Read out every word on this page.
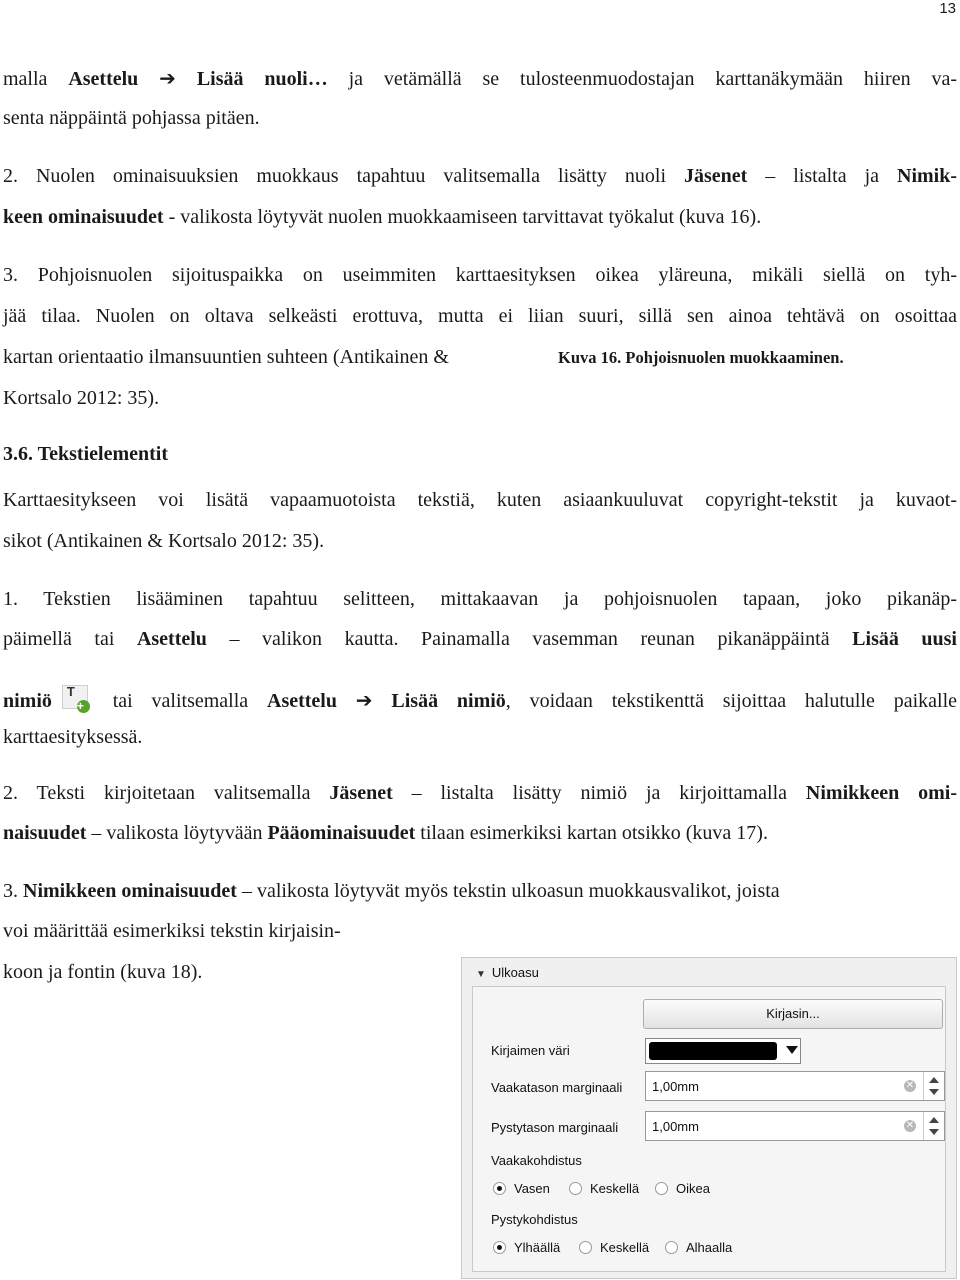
13
malla Asettelu ➔ Lisää nuoli… ja vetämällä se tulosteenmuodostajan karttanäkymään hiiren va-
senta näppäintä pohjassa pitäen.
2. Nuolen ominaisuuksien muokkaus tapahtuu valitsemalla lisätty nuoli Jäsenet – listalta ja Nimik-
keen ominaisuudet - valikosta löytyvät nuolen muokkaamiseen tarvittavat työkalut (kuva 16).
3. Pohjoisnuolen sijoituspaikka on useimmiten karttaesityksen oikea yläreuna, mikäli siellä on tyh-
jää tilaa. Nuolen on oltava selkeästi erottuva, mutta ei liian suuri, sillä sen ainoa tehtävä on osoittaa
kartan orientaatio ilmansuuntien suhteen (Antikainen &
Kortsalo 2012: 35).
Kuva 16. Pohjoisnuolen muokkaaminen.
3.6. Tekstielementit
Karttaesitykseen voi lisätä vapaamuotoista tekstiä, kuten asiaankuuluvat copyright-tekstit ja kuvaot-
sikot (Antikainen & Kortsalo 2012: 35).
1. Tekstien lisääminen tapahtuu selitteen, mittakaavan ja pohjoisnuolen tapaan, joko pikanäp-
päimellä tai Asettelu – valikon kautta. Painamalla vasemman reunan pikanäppäintä Lisää uusi
nimiö T
+ tai valitsemalla Asettelu ➔ Lisää nimiö, voidaan tekstikenttä sijoittaa halutulle paikalle
karttaesityksessä.
2. Teksti kirjoitetaan valitsemalla Jäsenet – listalta lisätty nimiö ja kirjoittamalla Nimikkeen omi-
naisuudet – valikosta löytyvään Pääominaisuudet tilaan esimerkiksi kartan otsikko (kuva 17).
3. Nimikkeen ominaisuudet – valikosta löytyvät myös tekstin ulkoasun muokkausvalikot, joista
voi määrittää esimerkiksi tekstin kirjaisin-
koon ja fontin (kuva 18).	▼ Ulkoasu
Kirjasin...
Kirjaimen väri
Vaakatason marginaali 1,00mm	✕
Pystytason marginaali	1,00mm	✕
Vaakakohdistus
Vasen	Keskellä	Oikea
Pystykohdistus
Ylhäällä	Keskellä	Alhaalla
